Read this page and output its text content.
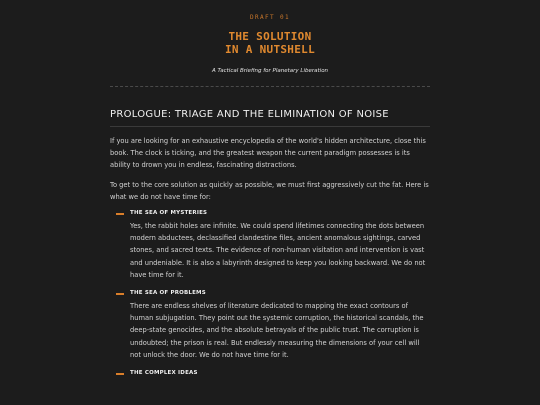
DRAFT 01

THE SOLUTION
IN A NUTSHELL

A Tactical Briefing for Planetary Liberation

PROLOGUE: TRIAGE AND THE ELIMINATION OF NOISE

If you are looking for an exhaustive encyclopedia of the world's hidden architecture, close this book. The clock is ticking, and the greatest weapon the current paradigm possesses is its ability to drown you in endless, fascinating distractions.

To get to the core solution as quickly as possible, we must first aggressively cut the fat. Here is what we do not have time for:

THE SEA OF MYSTERIES

Yes, the rabbit holes are infinite. We could spend lifetimes connecting the dots between modern abductees, declassified clandestine files, ancient anomalous sightings, carved stones, and sacred texts. The evidence of non-human visitation and intervention is vast and undeniable. It is also a labyrinth designed to keep you looking backward. We do not have time for it.

THE SEA OF PROBLEMS

There are endless shelves of literature dedicated to mapping the exact contours of human subjugation. They point out the systemic corruption, the historical scandals, the deep-state genocides, and the absolute betrayals of the public trust. The corruption is undoubted; the prison is real. But endlessly measuring the dimensions of your cell will not unlock the door. We do not have time for it.

THE COMPLEX IDEAS
